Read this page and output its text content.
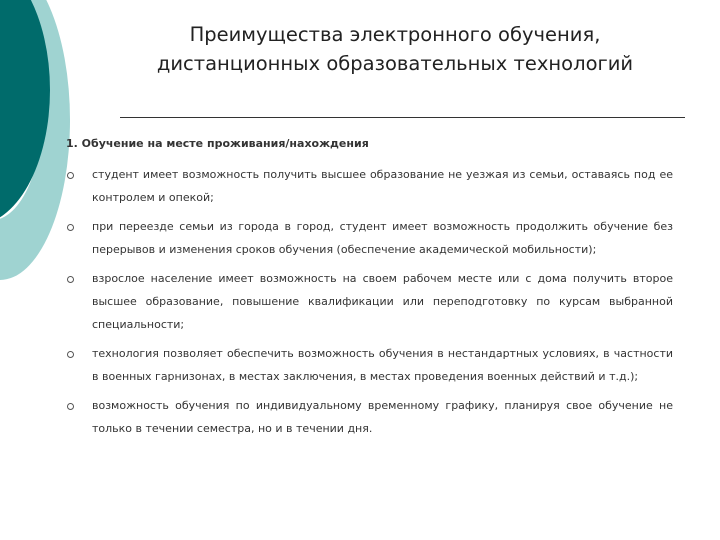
Преимущества электронного обучения,
дистанционных образовательных технологий
1. Обучение на месте проживания/нахождения
студент имеет возможность получить высшее образование не уезжая из семьи, оставаясь под ее контролем и опекой;
при переезде семьи из города в город, студент имеет возможность продолжить обучение без перерывов и изменения сроков обучения (обеспечение академической мобильности);
взрослое население имеет возможность на своем рабочем месте или с дома получить второе высшее образование, повышение квалификации или переподготовку по курсам выбранной специальности;
технология позволяет обеспечить возможность обучения в нестандартных условиях, в частности в военных гарнизонах, в местах заключения, в местах проведения военных действий и т.д.);
возможность обучения по индивидуальному временному графику, планируя свое обучение не только в течении семестра, но и в течении дня.
